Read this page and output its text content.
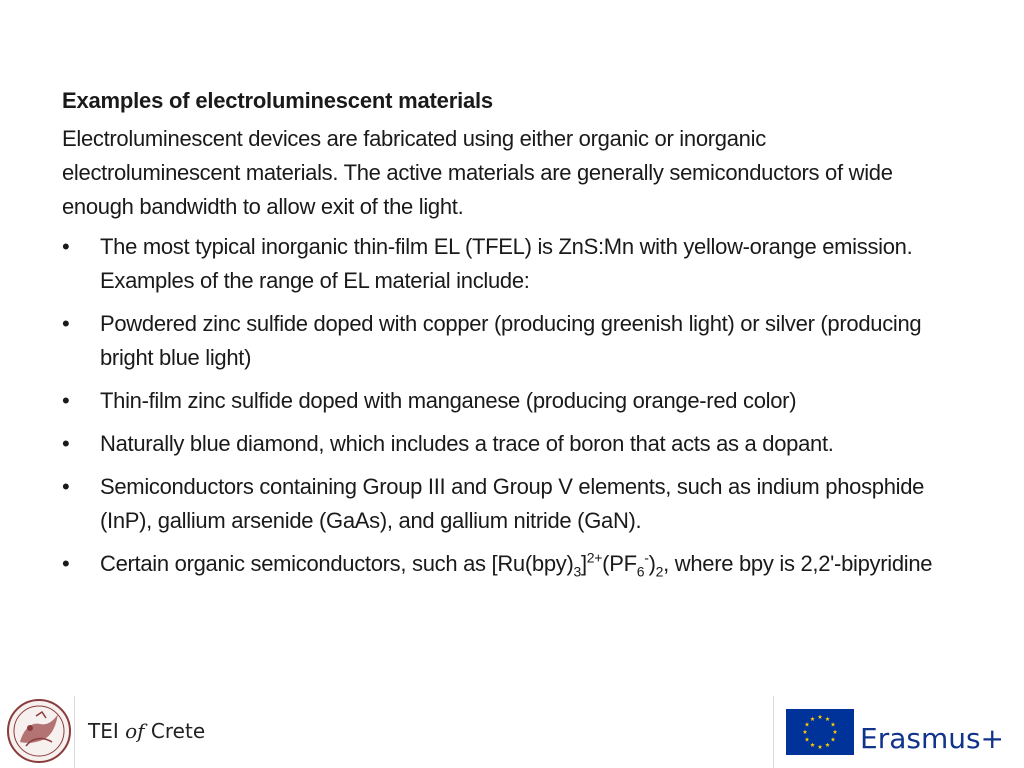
Examples of electroluminescent materials
Electroluminescent devices are fabricated using either organic or inorganic electroluminescent materials. The active materials are generally semiconductors of wide enough bandwidth to allow exit of the light.
•	The most typical inorganic thin-film EL (TFEL) is ZnS:Mn with yellow-orange emission. Examples of the range of EL material include:
•	Powdered zinc sulfide doped with copper (producing greenish light) or silver (producing bright blue light)
•	Thin-film zinc sulfide doped with manganese (producing orange-red color)
•	Naturally blue diamond, which includes a trace of boron that acts as a dopant.
•	Semiconductors containing Group III and Group V elements, such as indium phosphide (InP), gallium arsenide (GaAs), and gallium nitride (GaN).
•	Certain organic semiconductors, such as $[Ru(bpy)_3]^{2+}(PF_6^-)_2$, where bpy is 2,2'-bipyridine
TEI of Crete	Erasmus+
